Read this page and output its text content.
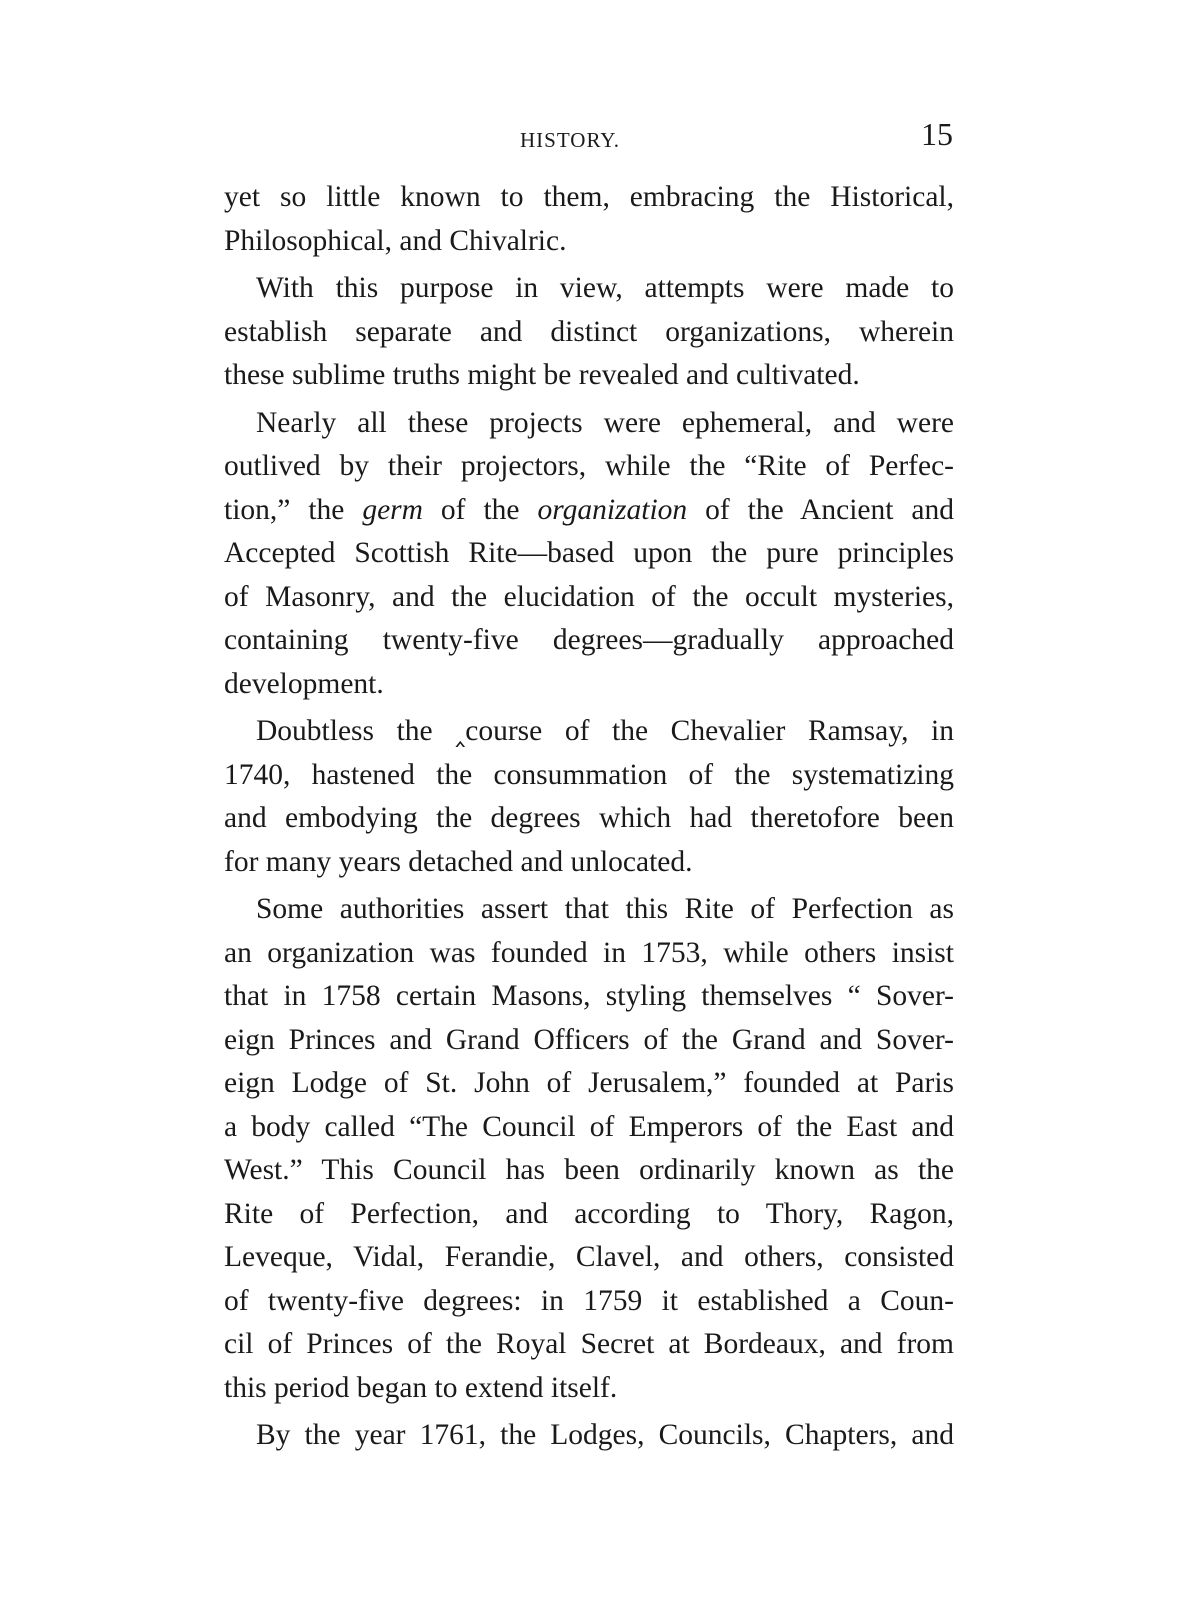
HISTORY.	15
yet so little known to them, embracing the Historical,
Philosophical, and Chivalric.
With this purpose in view, attempts were made to
establish separate and distinct organizations, wherein
these sublime truths might be revealed and cultivated.
Nearly all these projects were ephemeral, and were
outlived by their projectors, while the “Rite of Perfec-
tion,” the germ of the organization of the Ancient and
Accepted Scottish Rite—based upon the pure principles
of Masonry, and the elucidation of the occult mysteries,
containing twenty-five degrees—gradually approached
development.
Doubtless the ‸course of the Chevalier Ramsay, in
1740, hastened the consummation of the systematizing
and embodying the degrees which had theretofore been
for many years detached and unlocated.
Some authorities assert that this Rite of Perfection as
an organization was founded in 1753, while others insist
that in 1758 certain Masons, styling themselves “ Sover-
eign Princes and Grand Officers of the Grand and Sover-
eign Lodge of St. John of Jerusalem,” founded at Paris
a body called “The Council of Emperors of the East and
West.” This Council has been ordinarily known as the
Rite of Perfection, and according to Thory, Ragon,
Leveque, Vidal, Ferandie, Clavel, and others, consisted
of twenty-five degrees: in 1759 it established a Coun-
cil of Princes of the Royal Secret at Bordeaux, and from
this period began to extend itself.
By the year 1761, the Lodges, Councils, Chapters, and
